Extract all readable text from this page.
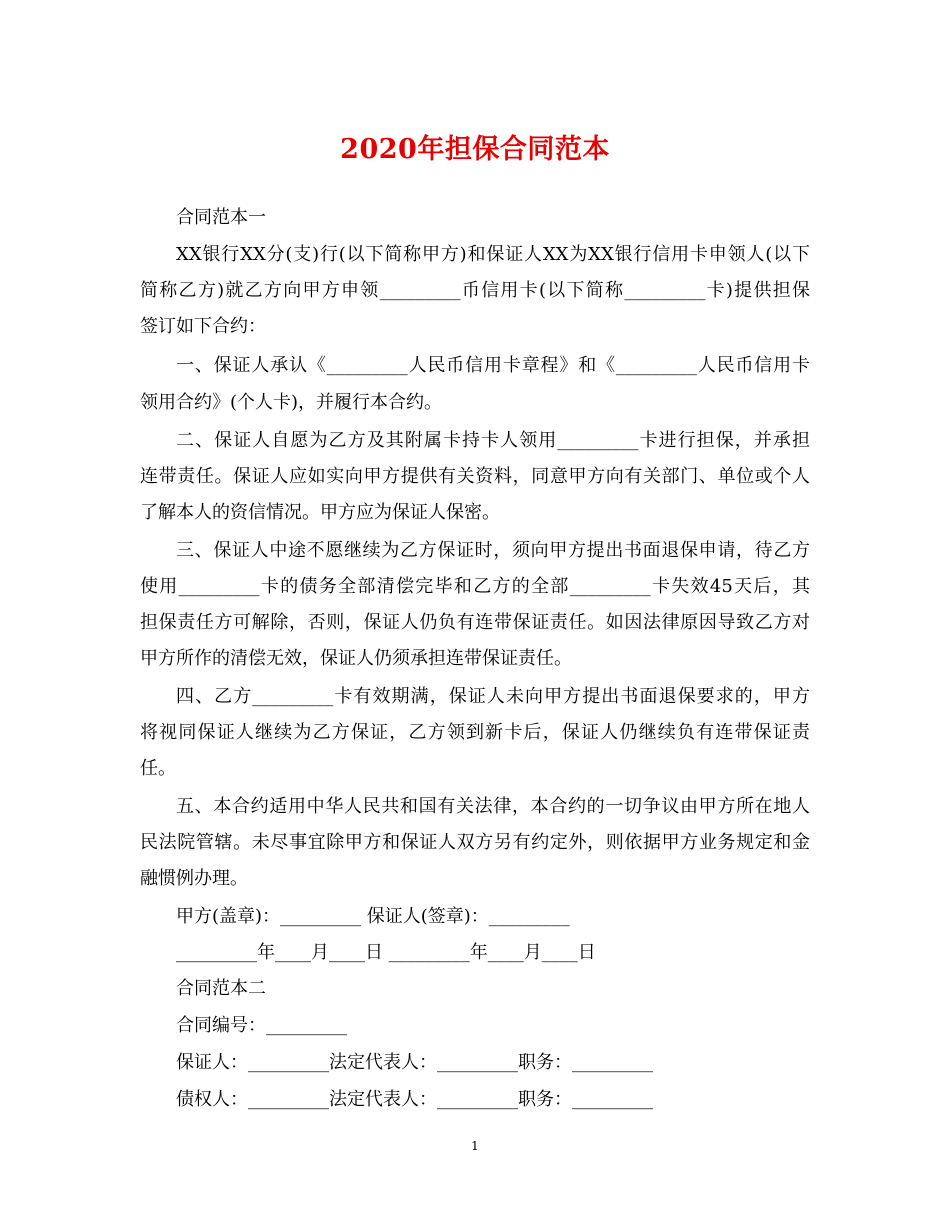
2020年担保合同范本
合同范本一
XX银行XX分(支)行(以下简称甲方)和保证人XX为XX银行信用卡申领人(以下
简称乙方)就乙方向甲方申领_________币信用卡(以下简称_________卡)提供担保
签订如下合约：
一、保证人承认《_________人民币信用卡章程》和《_________人民币信用卡
领用合约》(个人卡)，并履行本合约。
二、保证人自愿为乙方及其附属卡持卡人领用_________卡进行担保，并承担
连带责任。保证人应如实向甲方提供有关资料，同意甲方向有关部门、单位或个人
了解本人的资信情况。甲方应为保证人保密。
三、保证人中途不愿继续为乙方保证时，须向甲方提出书面退保申请，待乙方
使用_________卡的债务全部清偿完毕和乙方的全部_________卡失效45天后，其
担保责任方可解除，否则，保证人仍负有连带保证责任。如因法律原因导致乙方对
甲方所作的清偿无效，保证人仍须承担连带保证责任。
四、乙方_________卡有效期满，保证人未向甲方提出书面退保要求的，甲方
将视同保证人继续为乙方保证，乙方领到新卡后，保证人仍继续负有连带保证责
任。
五、本合约适用中华人民共和国有关法律，本合约的一切争议由甲方所在地人
民法院管辖。未尽事宜除甲方和保证人双方另有约定外，则依据甲方业务规定和金
融惯例办理。
甲方(盖章)：_________ 保证人(签章)：_________
_________年____月____日 _________年____月____日
合同范本二
合同编号：_________
保证人：_________法定代表人：_________职务：_________
债权人：_________法定代表人：_________职务：_________
1
